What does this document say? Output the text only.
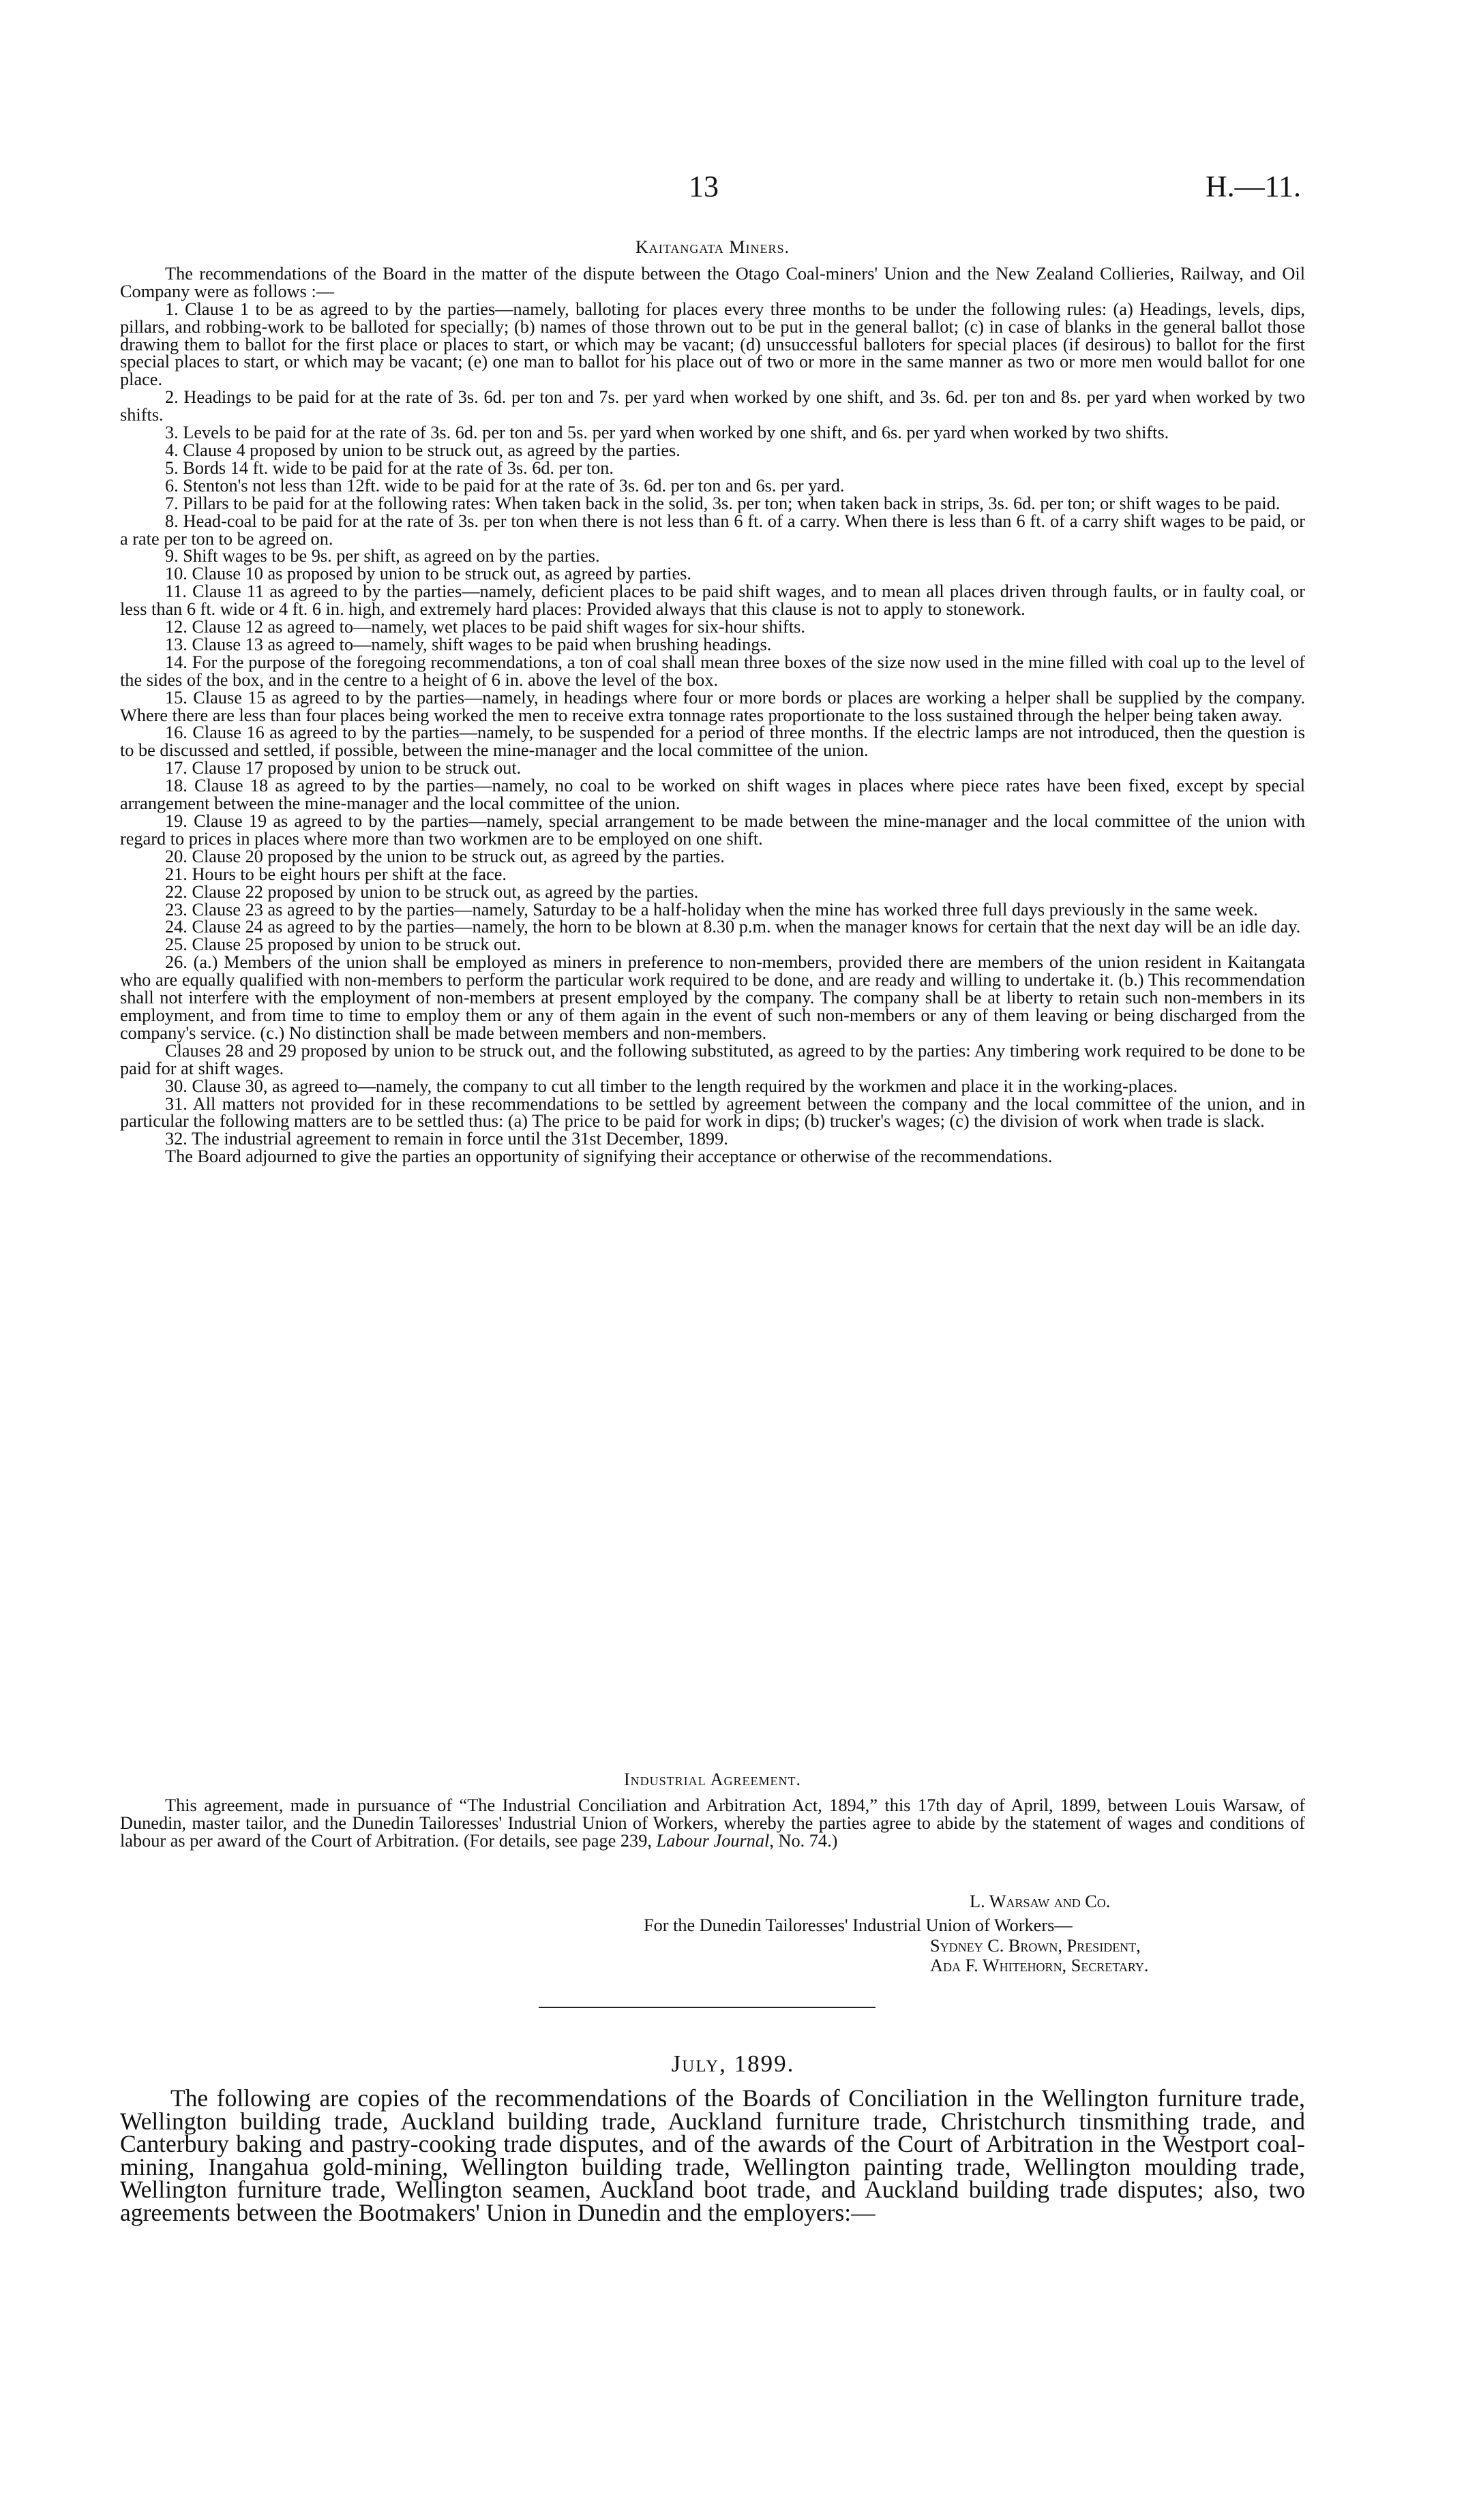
13	H.—11.
Kaitangata Miners.

The recommendations of the Board in the matter of the dispute between the Otago Coal-miners' Union and the New Zealand Collieries, Railway, and Oil Company were as follows :—

1. Clause 1 to be as agreed to by the parties—namely, balloting for places every three months to be under the following rules: (a) Headings, levels, dips, pillars, and robbing-work to be balloted for specially; (b) names of those thrown out to be put in the general ballot; (c) in case of blanks in the general ballot those drawing them to ballot for the first place or places to start, or which may be vacant; (d) unsuccessful balloters for special places (if desirous) to ballot for the first special places to start, or which may be vacant; (e) one man to ballot for his place out of two or more in the same manner as two or more men would ballot for one place.

2. Headings to be paid for at the rate of 3s. 6d. per ton and 7s. per yard when worked by one shift, and 3s. 6d. per ton and 8s. per yard when worked by two shifts.

3. Levels to be paid for at the rate of 3s. 6d. per ton and 5s. per yard when worked by one shift, and 6s. per yard when worked by two shifts.

4. Clause 4 proposed by union to be struck out, as agreed by the parties.

5. Bords 14 ft. wide to be paid for at the rate of 3s. 6d. per ton.

6. Stenton's not less than 12ft. wide to be paid for at the rate of 3s. 6d. per ton and 6s. per yard.

7. Pillars to be paid for at the following rates: When taken back in the solid, 3s. per ton; when taken back in strips, 3s. 6d. per ton; or shift wages to be paid.

8. Head-coal to be paid for at the rate of 3s. per ton when there is not less than 6 ft. of a carry. When there is less than 6 ft. of a carry shift wages to be paid, or a rate per ton to be agreed on.

9. Shift wages to be 9s. per shift, as agreed on by the parties.

10. Clause 10 as proposed by union to be struck out, as agreed by parties.

11. Clause 11 as agreed to by the parties—namely, deficient places to be paid shift wages, and to mean all places driven through faults, or in faulty coal, or less than 6 ft. wide or 4 ft. 6 in. high, and extremely hard places: Provided always that this clause is not to apply to stonework.

12. Clause 12 as agreed to—namely, wet places to be paid shift wages for six-hour shifts.

13. Clause 13 as agreed to—namely, shift wages to be paid when brushing headings.

14. For the purpose of the foregoing recommendations, a ton of coal shall mean three boxes of the size now used in the mine filled with coal up to the level of the sides of the box, and in the centre to a height of 6 in. above the level of the box.

15. Clause 15 as agreed to by the parties—namely, in headings where four or more bords or places are working a helper shall be supplied by the company. Where there are less than four places being worked the men to receive extra tonnage rates proportionate to the loss sustained through the helper being taken away.

16. Clause 16 as agreed to by the parties—namely, to be suspended for a period of three months. If the electric lamps are not introduced, then the question is to be discussed and settled, if possible, between the mine-manager and the local committee of the union.

17. Clause 17 proposed by union to be struck out.

18. Clause 18 as agreed to by the parties—namely, no coal to be worked on shift wages in places where piece rates have been fixed, except by special arrangement between the mine-manager and the local committee of the union.

19. Clause 19 as agreed to by the parties—namely, special arrangement to be made between the mine-manager and the local committee of the union with regard to prices in places where more than two workmen are to be employed on one shift.

20. Clause 20 proposed by the union to be struck out, as agreed by the parties.

21. Hours to be eight hours per shift at the face.

22. Clause 22 proposed by union to be struck out, as agreed by the parties.

23. Clause 23 as agreed to by the parties—namely, Saturday to be a half-holiday when the mine has worked three full days previously in the same week.

24. Clause 24 as agreed to by the parties—namely, the horn to be blown at 8.30 p.m. when the manager knows for certain that the next day will be an idle day.

25. Clause 25 proposed by union to be struck out.

26. (a.) Members of the union shall be employed as miners in preference to non-members, provided there are members of the union resident in Kaitangata who are equally qualified with non-members to perform the particular work required to be done, and are ready and willing to undertake it. (b.) This recommendation shall not interfere with the employment of non-members at present employed by the company. The company shall be at liberty to retain such non-members in its employment, and from time to time to employ them or any of them again in the event of such non-members or any of them leaving or being discharged from the company's service. (c.) No distinction shall be made between members and non-members.

Clauses 28 and 29 proposed by union to be struck out, and the following substituted, as agreed to by the parties: Any timbering work required to be done to be paid for at shift wages.

30. Clause 30, as agreed to—namely, the company to cut all timber to the length required by the workmen and place it in the working-places.

31. All matters not provided for in these recommendations to be settled by agreement between the company and the local committee of the union, and in particular the following matters are to be settled thus: (a) The price to be paid for work in dips; (b) trucker's wages; (c) the division of work when trade is slack.

32. The industrial agreement to remain in force until the 31st December, 1899.

The Board adjourned to give the parties an opportunity of signifying their acceptance or otherwise of the recommendations.

Industrial Agreement.

This agreement, made in pursuance of “The Industrial Conciliation and Arbitration Act, 1894,” this 17th day of April, 1899, between Louis Warsaw, of Dunedin, master tailor, and the Dunedin Tailoresses' Industrial Union of Workers, whereby the parties agree to abide by the statement of wages and conditions of labour as per award of the Court of Arbitration. (For details, see page 239, Labour Journal, No. 74.)

L. Warsaw and Co.
For the Dunedin Tailoresses' Industrial Union of Workers—
Sydney C. Brown, President,
Ada F. Whitehorn, Secretary.
July, 1899.

The following are copies of the recommendations of the Boards of Conciliation in the Wellington furniture trade, Wellington building trade, Auckland building trade, Auckland furniture trade, Christchurch tinsmithing trade, and Canterbury baking and pastry-cooking trade disputes, and of the awards of the Court of Arbitration in the Westport coal-mining, Inangahua gold-mining, Wellington building trade, Wellington painting trade, Wellington moulding trade, Wellington furniture trade, Wellington seamen, Auckland boot trade, and Auckland building trade disputes; also, two agreements between the Bootmakers' Union in Dunedin and the employers:—
